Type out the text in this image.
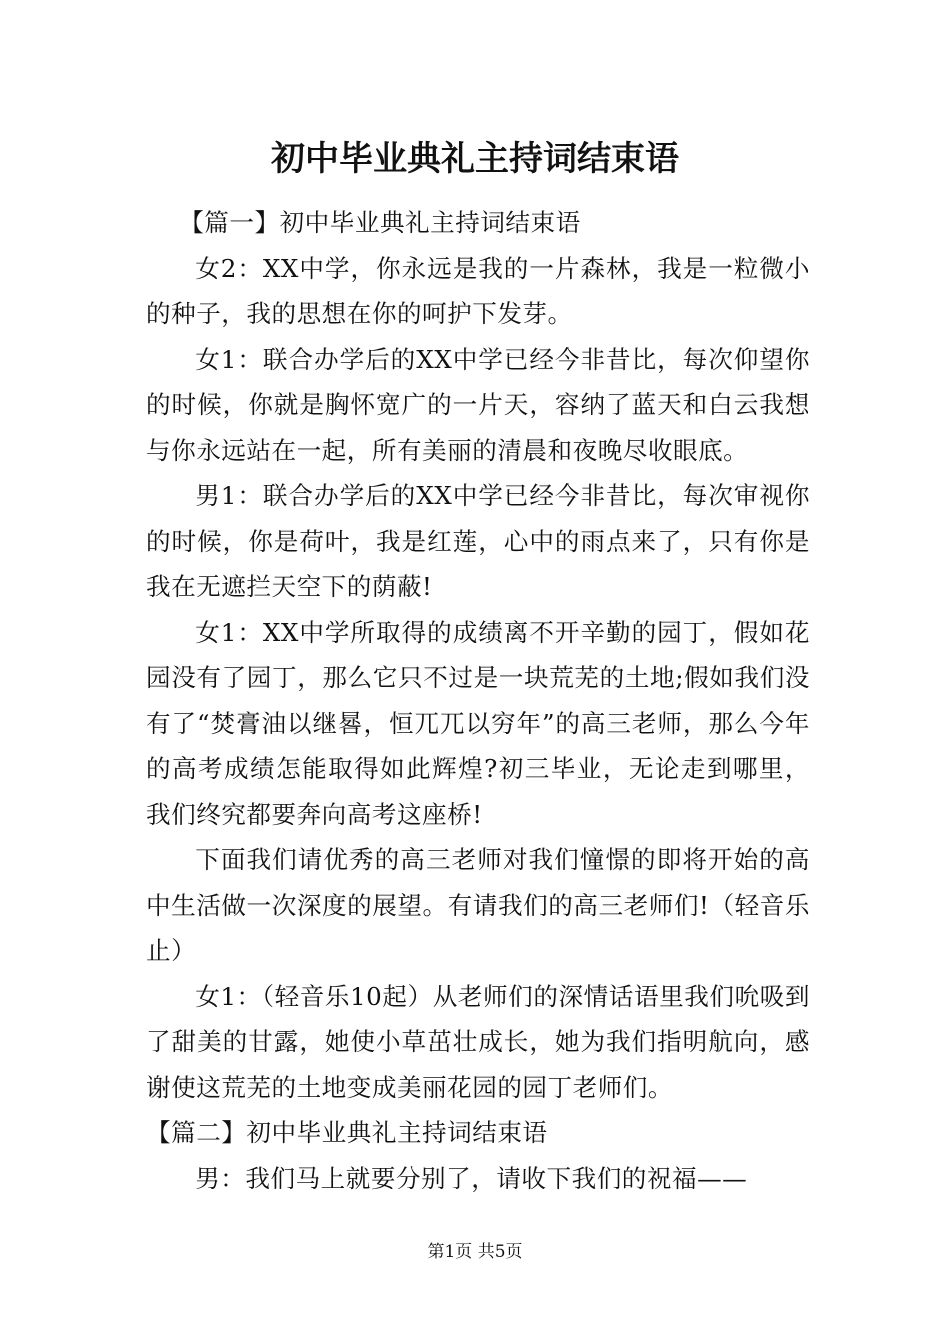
初中毕业典礼主持词结束语

【篇一】初中毕业典礼主持词结束语

女2：XX中学，你永远是我的一片森林，我是一粒微小的种子，我的思想在你的呵护下发芽。

女1：联合办学后的XX中学已经今非昔比，每次仰望你的时候，你就是胸怀宽广的一片天，容纳了蓝天和白云我想与你永远站在一起，所有美丽的清晨和夜晚尽收眼底。

男1：联合办学后的XX中学已经今非昔比，每次审视你的时候，你是荷叶，我是红莲，心中的雨点来了，只有你是我在无遮拦天空下的荫蔽!

女1：XX中学所取得的成绩离不开辛勤的园丁，假如花园没有了园丁，那么它只不过是一块荒芜的土地;假如我们没有了“焚膏油以继晷，恒兀兀以穷年”的高三老师，那么今年的高考成绩怎能取得如此辉煌?初三毕业，无论走到哪里，我们终究都要奔向高考这座桥!

下面我们请优秀的高三老师对我们憧憬的即将开始的高中生活做一次深度的展望。有请我们的高三老师们!（轻音乐止）

女1：（轻音乐10起）从老师们的深情话语里我们吮吸到了甜美的甘露，她使小草茁壮成长，她为我们指明航向，感谢使这荒芜的土地变成美丽花园的园丁老师们。

【篇二】初中毕业典礼主持词结束语

男：我们马上就要分别了，请收下我们的祝福——

第1页 共5页
